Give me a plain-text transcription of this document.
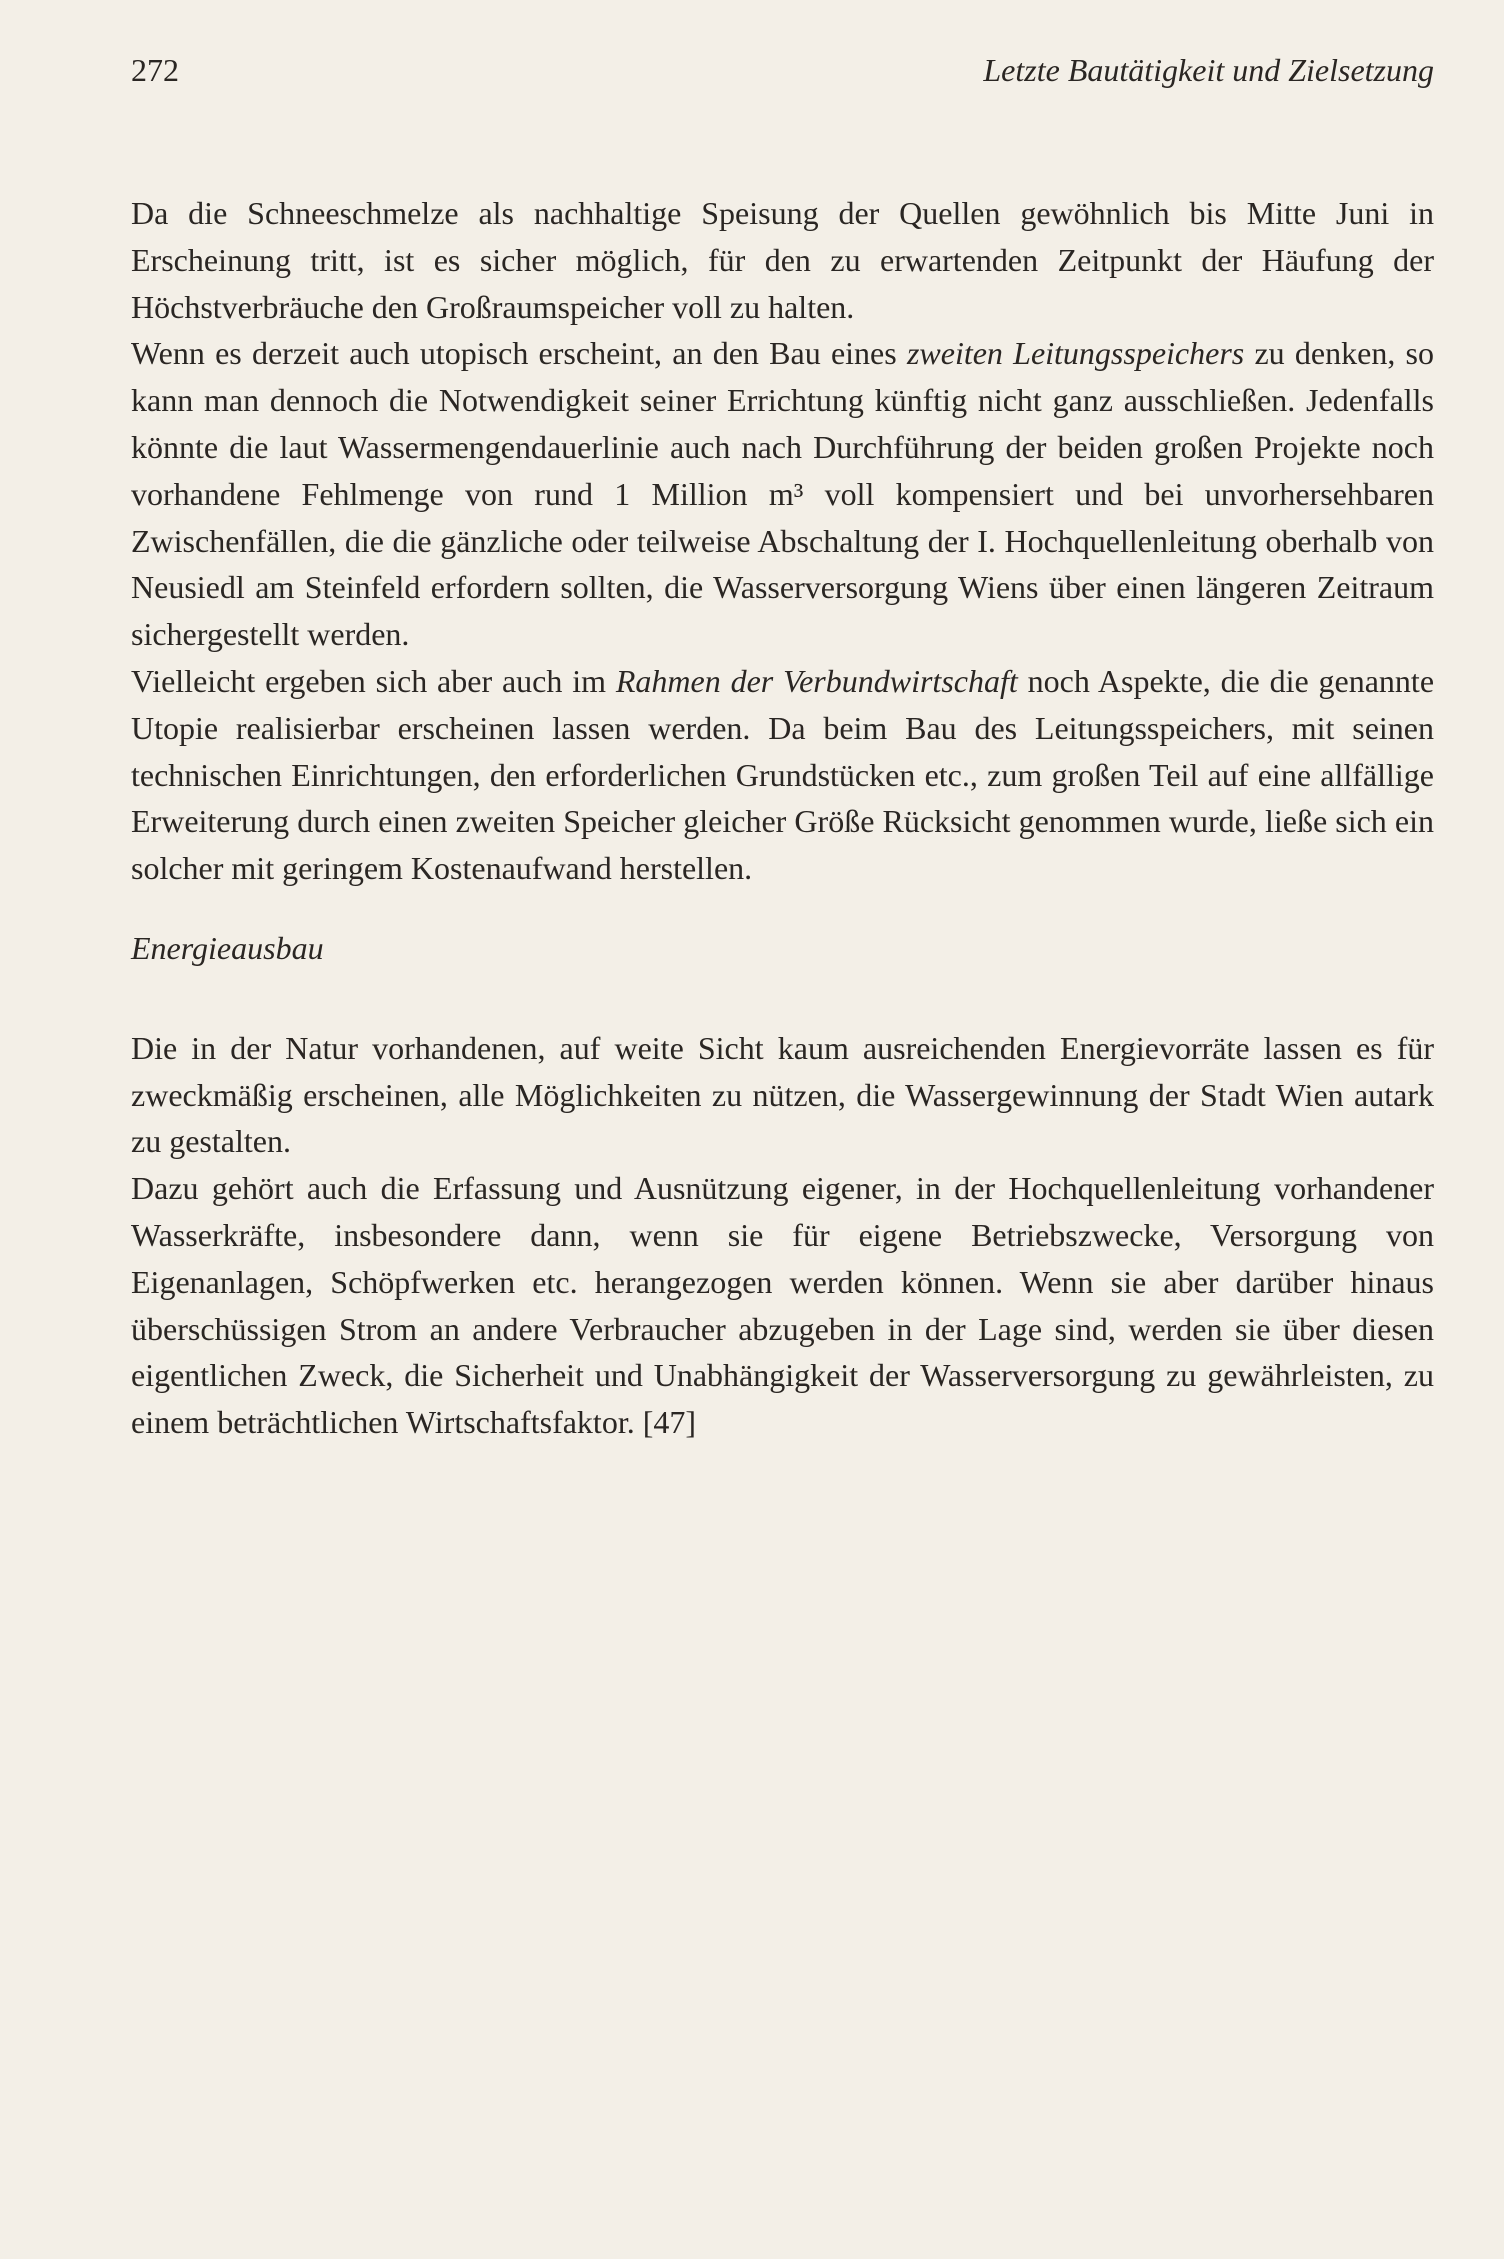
272	Letzte Bautätigkeit und Zielsetzung

Da die Schneeschmelze als nachhaltige Speisung der Quellen gewöhnlich bis Mitte Juni in Erscheinung tritt, ist es sicher möglich, für den zu erwartenden Zeitpunkt der Häufung der Höchstverbräuche den Großraumspeicher voll zu halten.

Wenn es derzeit auch utopisch erscheint, an den Bau eines zweiten Leitungsspeichers zu denken, so kann man dennoch die Notwendigkeit seiner Errichtung künftig nicht ganz ausschließen. Jedenfalls könnte die laut Wassermengendauerlinie auch nach Durchführung der beiden großen Projekte noch vorhandene Fehlmenge von rund 1 Million m³ voll kompensiert und bei unvorhersehbaren Zwischenfällen, die die gänzliche oder teilweise Abschaltung der I. Hochquellenleitung oberhalb von Neusiedl am Steinfeld erfordern sollten, die Wasserversorgung Wiens über einen längeren Zeitraum sichergestellt werden.

Vielleicht ergeben sich aber auch im Rahmen der Verbundwirtschaft noch Aspekte, die die genannte Utopie realisierbar erscheinen lassen werden. Da beim Bau des Leitungsspeichers, mit seinen technischen Einrichtungen, den erforderlichen Grundstücken etc., zum großen Teil auf eine allfällige Erweiterung durch einen zweiten Speicher gleicher Größe Rücksicht genommen wurde, ließe sich ein solcher mit geringem Kostenaufwand herstellen.

Energieausbau

Die in der Natur vorhandenen, auf weite Sicht kaum ausreichenden Energievorräte lassen es für zweckmäßig erscheinen, alle Möglichkeiten zu nützen, die Wassergewinnung der Stadt Wien autark zu gestalten.

Dazu gehört auch die Erfassung und Ausnützung eigener, in der Hochquellenleitung vorhandener Wasserkräfte, insbesondere dann, wenn sie für eigene Betriebszwecke, Versorgung von Eigenanlagen, Schöpfwerken etc. herangezogen werden können. Wenn sie aber darüber hinaus überschüssigen Strom an andere Verbraucher abzugeben in der Lage sind, werden sie über diesen eigentlichen Zweck, die Sicherheit und Unabhängigkeit der Wasserversorgung zu gewährleisten, zu einem beträchtlichen Wirtschaftsfaktor. [47]
